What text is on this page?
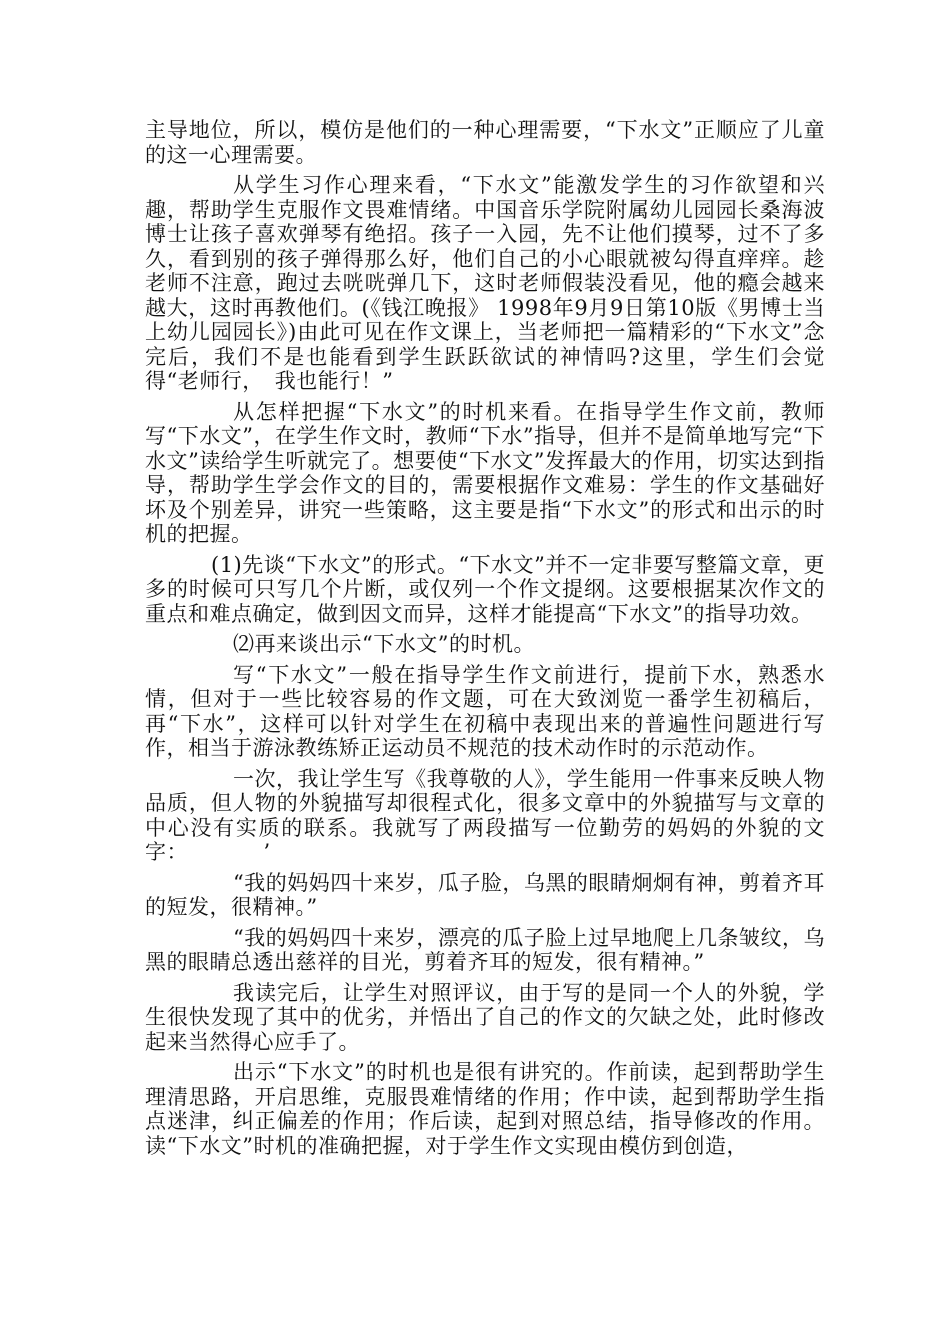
主导地位，所以，模仿是他们的一种心理需要，“下水文”正顺应了儿童的这一心理需要。

从学生习作心理来看，“下水文”能激发学生的习作欲望和兴趣，帮助学生克服作文畏难情绪。中国音乐学院附属幼儿园园长桑海波博士让孩子喜欢弹琴有绝招。孩子一入园，先不让他们摸琴，过不了多久，看到别的孩子弹得那么好，他们自己的小心眼就被勾得直痒痒。趁老师不注意，跑过去咣咣弹几下，这时老师假装没看见，他的瘾会越来越大，这时再教他们。(《钱江晚报》 1998年9月9日第10版《男博士当上幼儿园园长》)由此可见在作文课上，当老师把一篇精彩的“下水文”念完后，我们不是也能看到学生跃跃欲试的神情吗?这里，学生们会觉得“老师行，　我也能行！”

从怎样把握“下水文”的时机来看。在指导学生作文前，教师写“下水文”，在学生作文时，教师“下水”指导，但并不是简单地写完“下水文”读给学生听就完了。想要使“下水文”发挥最大的作用，切实达到指导，帮助学生学会作文的目的，需要根据作文难易：学生的作文基础好坏及个别差异，讲究一些策略，这主要是指“下水文”的形式和出示的时机的把握。

(1)先谈“下水文”的形式。“下水文”并不一定非要写整篇文章，更多的时候可只写几个片断，或仅列一个作文提纲。这要根据某次作文的重点和难点确定，做到因文而异，这样才能提高“下水文”的指导功效。

⑵再来谈出示“下水文”的时机。

写“下水文”一般在指导学生作文前进行，提前下水，熟悉水情，但对于一些比较容易的作文题，可在大致浏览一番学生初稿后，再“下水”，这样可以针对学生在初稿中表现出来的普遍性问题进行写作，相当于游泳教练矫正运动员不规范的技术动作时的示范动作。

一次，我让学生写《我尊敬的人》，学生能用一件事来反映人物品质，但人物的外貌描写却很程式化，很多文章中的外貌描写与文章的中心没有实质的联系。我就写了两段描写一位勤劳的妈妈的外貌的文字：　　　　’

“我的妈妈四十来岁，瓜子脸，乌黑的眼睛炯炯有神，剪着齐耳的短发，很精神。”

“我的妈妈四十来岁，漂亮的瓜子脸上过早地爬上几条皱纹，乌黑的眼睛总透出慈祥的目光，剪着齐耳的短发，很有精神。”

我读完后，让学生对照评议，由于写的是同一个人的外貌，学生很快发现了其中的优劣，并悟出了自己的作文的欠缺之处，此时修改起来当然得心应手了。

出示“下水文”的时机也是很有讲究的。作前读，起到帮助学生理清思路，开启思维，克服畏难情绪的作用；作中读，起到帮助学生指点迷津，纠正偏差的作用；作后读，起到对照总结，指导修改的作用。读“下水文”时机的准确把握，对于学生作文实现由模仿到创造，
